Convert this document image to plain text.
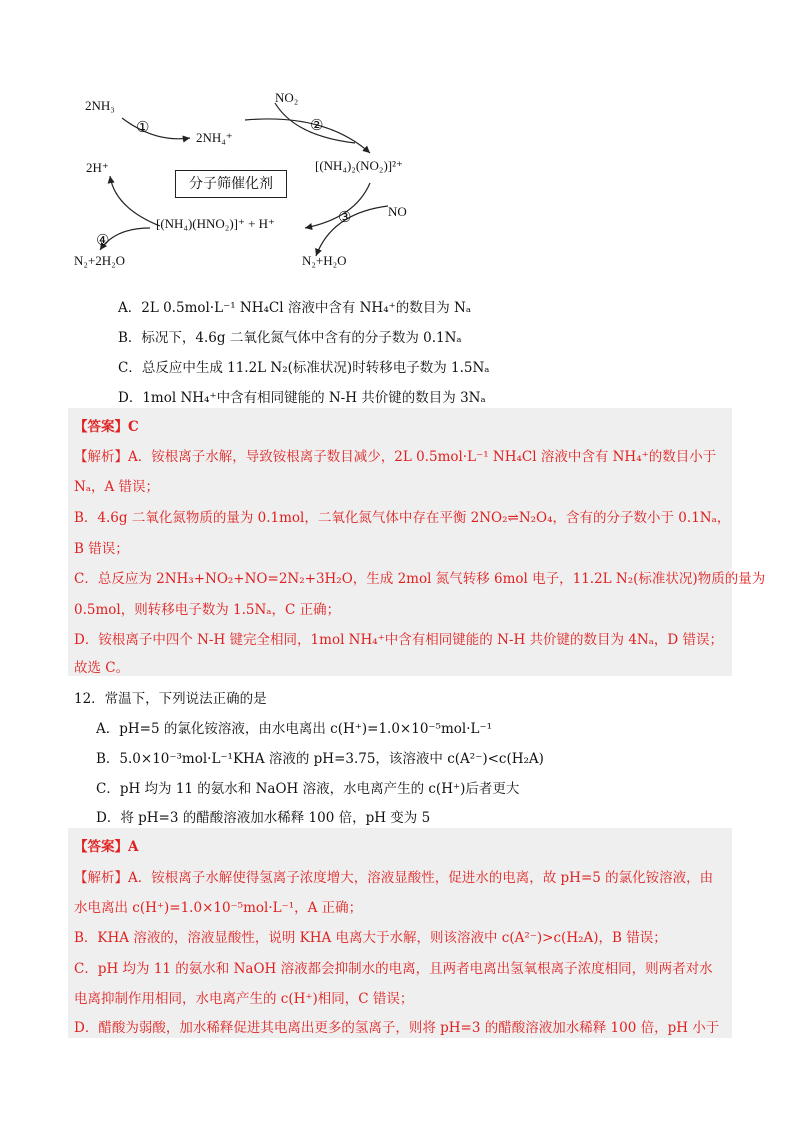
2NH₃
①
2NH₄⁺
NO₂
②
[(NH₄)₂(NO₂)]²⁺
2H⁺
分子筛催化剂
③	NO
[(NH₄)(HNO₂)]⁺ + H⁺
④
N₂+2H₂O	N₂+H₂O
A．2L 0.5mol·L⁻¹ NH₄Cl 溶液中含有 NH₄⁺的数目为 Nₐ
B．标况下，4.6g 二氧化氮气体中含有的分子数为 0.1Nₐ
C．总反应中生成 11.2L N₂(标准状况)时转移电子数为 1.5Nₐ
D．1mol NH₄⁺中含有相同键能的 N-H 共价键的数目为 3Nₐ
【答案】C
【解析】A．铵根离子水解，导致铵根离子数目减少，2L 0.5mol·L⁻¹ NH₄Cl 溶液中含有 NH₄⁺的数目小于
Nₐ，A 错误；
B．4.6g 二氧化氮物质的量为 0.1mol，二氧化氮气体中存在平衡 2NO₂⇌N₂O₄，含有的分子数小于 0.1Nₐ，
B 错误；
C．总反应为 2NH₃+NO₂+NO=2N₂+3H₂O，生成 2mol 氮气转移 6mol 电子，11.2L N₂(标准状况)物质的量为
0.5mol，则转移电子数为 1.5Nₐ，C 正确；
D．铵根离子中四个 N-H 键完全相同，1mol NH₄⁺中含有相同键能的 N-H 共价键的数目为 4Nₐ，D 错误；
故选 C。
12．常温下，下列说法正确的是
A．pH=5 的氯化铵溶液，由水电离出 c(H⁺)=1.0×10⁻⁵mol·L⁻¹
B．5.0×10⁻³mol·L⁻¹KHA 溶液的 pH=3.75，该溶液中 c(A²⁻)<c(H₂A)
C．pH 均为 11 的氨水和 NaOH 溶液，水电离产生的 c(H⁺)后者更大
D．将 pH=3 的醋酸溶液加水稀释 100 倍，pH 变为 5
【答案】A
【解析】A．铵根离子水解使得氢离子浓度增大，溶液显酸性，促进水的电离，故 pH=5 的氯化铵溶液，由
水电离出 c(H⁺)=1.0×10⁻⁵mol·L⁻¹，A 正确；
B．KHA 溶液的，溶液显酸性，说明 KHA 电离大于水解，则该溶液中 c(A²⁻)>c(H₂A)，B 错误；
C．pH 均为 11 的氨水和 NaOH 溶液都会抑制水的电离，且两者电离出氢氧根离子浓度相同，则两者对水
电离抑制作用相同，水电离产生的 c(H⁺)相同，C 错误；
D．醋酸为弱酸，加水稀释促进其电离出更多的氢离子，则将 pH=3 的醋酸溶液加水稀释 100 倍，pH 小于
